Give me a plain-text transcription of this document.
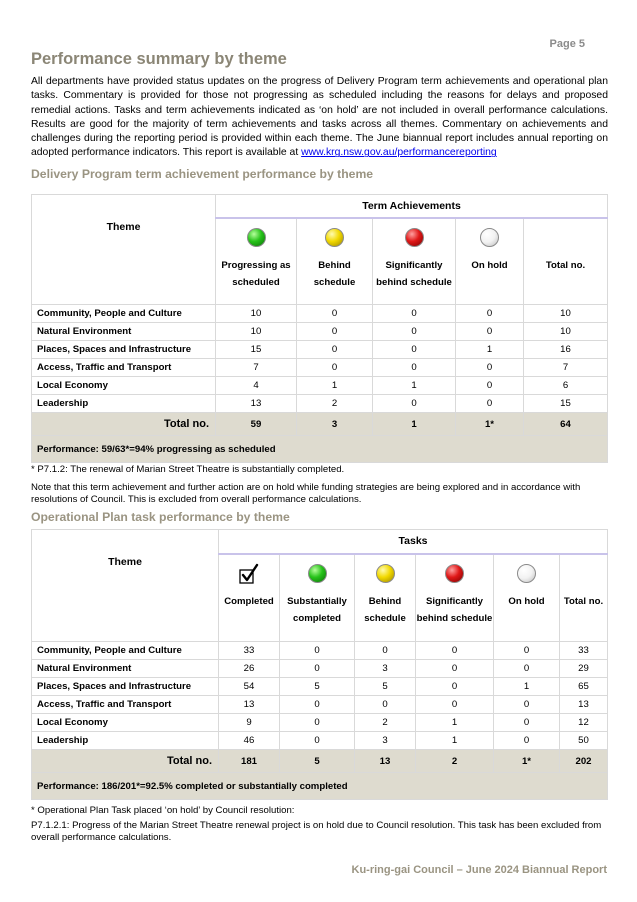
Page 5
Performance summary by theme
All departments have provided status updates on the progress of Delivery Program term achievements and operational plan tasks. Commentary is provided for those not progressing as scheduled including the reasons for delays and proposed remedial actions. Tasks and term achievements indicated as ‘on hold’ are not included in overall performance calculations. Results are good for the majority of term achievements and tasks across all themes. Commentary on achievements and challenges during the reporting period is provided within each theme. The June biannual report includes annual reporting on adopted performance indicators. This report is available at www.krg.nsw.gov.au/performancereporting
Delivery Program term achievement performance by theme
Theme	Term Achievements				

	Progressing as scheduled	Behind schedule	Significantly behind schedule	On hold	Total no.

Community, People and Culture	10	0	0	0	10
Natural Environment	10	0	0	0	10
Places, Spaces and Infrastructure	15	0	0	1	16
Access, Traffic and Transport	7	0	0	0	7
Local Economy	4	1	1	0	6
Leadership	13	2	0	0	15
Total no.	59	3	1	1*	64
Performance: 59/63*=94% progressing as scheduled					
* P7.1.2: The renewal of Marian Street Theatre is substantially completed.
Note that this term achievement and further action are on hold while funding strategies are being explored and in accordance with resolutions of Council. This is excluded from overall performance calculations.
Operational Plan task performance by theme
Theme	Tasks					

	Completed	Substantially completed	Behind schedule	Significantly behind schedule	On hold	Total no.

Community, People and Culture	33	0	0	0	0	33
Natural Environment	26	0	3	0	0	29
Places, Spaces and Infrastructure	54	5	5	0	1	65
Access, Traffic and Transport	13	0	0	0	0	13
Local Economy	9	0	2	1	0	12
Leadership	46	0	3	1	0	50
Total no.	181	5	13	2	1*	202
Performance: 186/201*=92.5% completed or substantially completed						
* Operational Plan Task placed ‘on hold’ by Council resolution:
P7.1.2.1: Progress of the Marian Street Theatre renewal project is on hold due to Council resolution. This task has been excluded from overall performance calculations.
Ku-ring-gai Council – June 2024 Biannual Report
